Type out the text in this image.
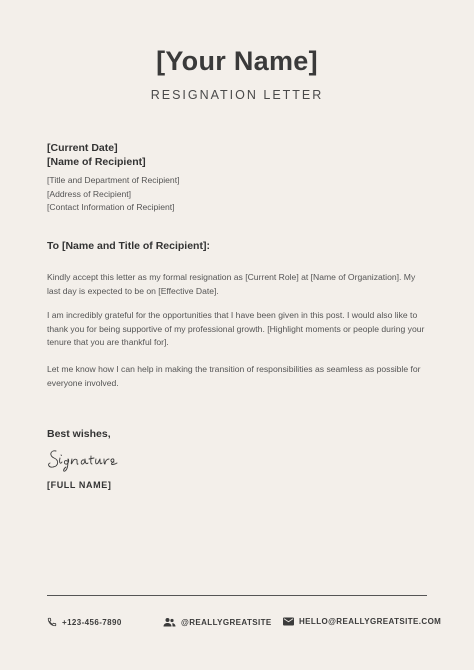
[Your Name]
RESIGNATION LETTER
[Current Date]
[Name of Recipient]
[Title and Department of Recipient]
[Address of Recipient]
[Contact Information of Recipient]
To [Name and Title of Recipient]:
Kindly accept this letter as my formal resignation as [Current Role] at [Name of Organization]. My last day is expected to be on [Effective Date].
I am incredibly grateful for the opportunities that I have been given in this post. I would also like to thank you for being supportive of my professional growth. [Highlight moments or people during your tenure that you are thankful for].
Let me know how I can help in making the transition of responsibilities as seamless as possible for everyone involved.
Best wishes,
[FULL NAME]
+123-456-7890	@REALLYGREATSITE	HELLO@REALLYGREATSITE.COM
